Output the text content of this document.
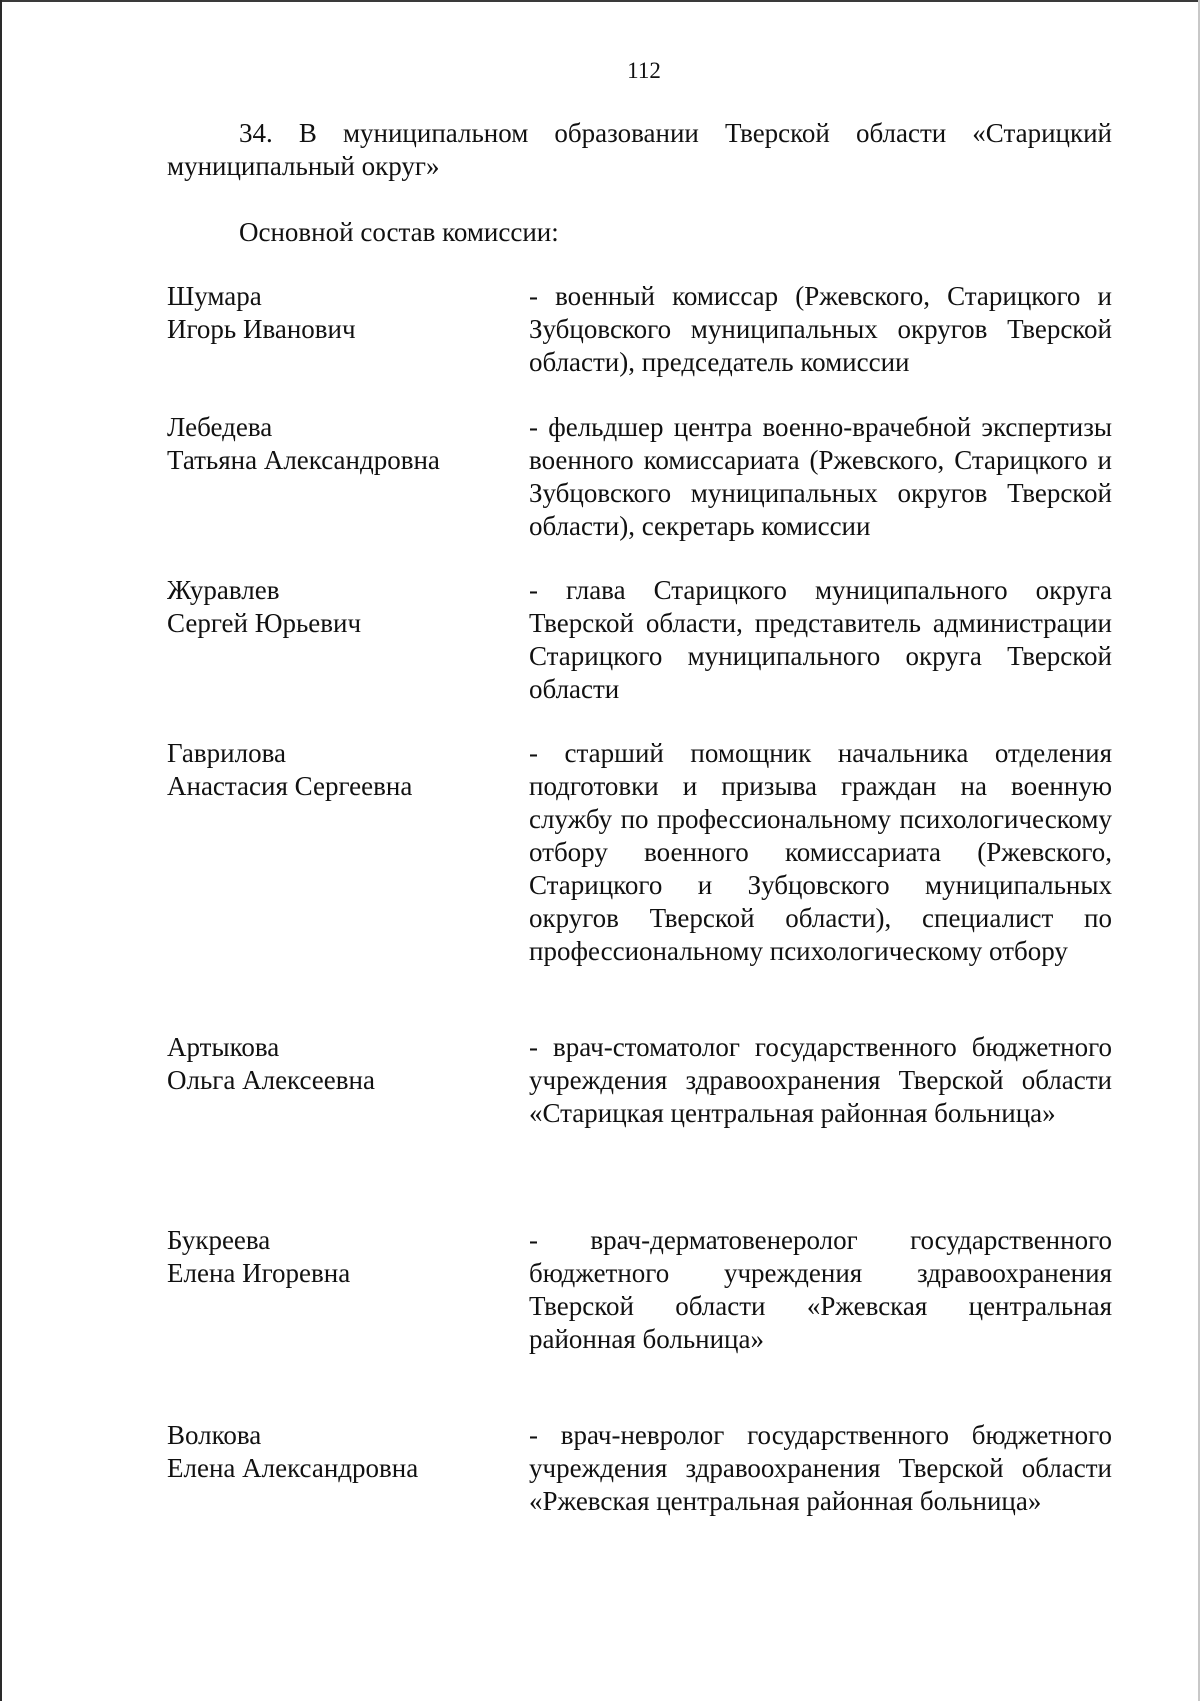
112
34. В муниципальном образовании Тверской области «Старицкий
муниципальный округ»
Основной состав комиссии:
Шумара
Игорь Иванович
- военный комиссар (Ржевского, Старицкого и Зубцовского муниципальных округов Тверской области), председатель комиссии
Лебедева
Татьяна Александровна
- фельдшер центра военно-врачебной экспертизы военного комиссариата (Ржевского, Старицкого и Зубцовского муниципальных округов Тверской области), секретарь комиссии
Журавлев
Сергей Юрьевич
- глава Старицкого муниципального округа Тверской области, представитель администрации Старицкого муниципального округа Тверской области
Гаврилова
Анастасия Сергеевна
- старший помощник начальника отделения подготовки и призыва граждан на военную службу по профессиональному психологическому отбору военного комиссариата (Ржевского, Старицкого и Зубцовского муниципальных округов Тверской области), специалист по профессиональному психологическому отбору
Артыкова
Ольга Алексеевна
- врач-стоматолог государственного бюджетного учреждения здравоохранения Тверской области «Старицкая центральная районная больница»
Букреева
Елена Игоревна
- врач-дерматовенеролог государственного бюджетного учреждения здравоохранения Тверской области «Ржевская центральная районная больница»
Волкова
Елена Александровна
- врач-невролог государственного бюджетного учреждения здравоохранения Тверской области «Ржевская центральная районная больница»
